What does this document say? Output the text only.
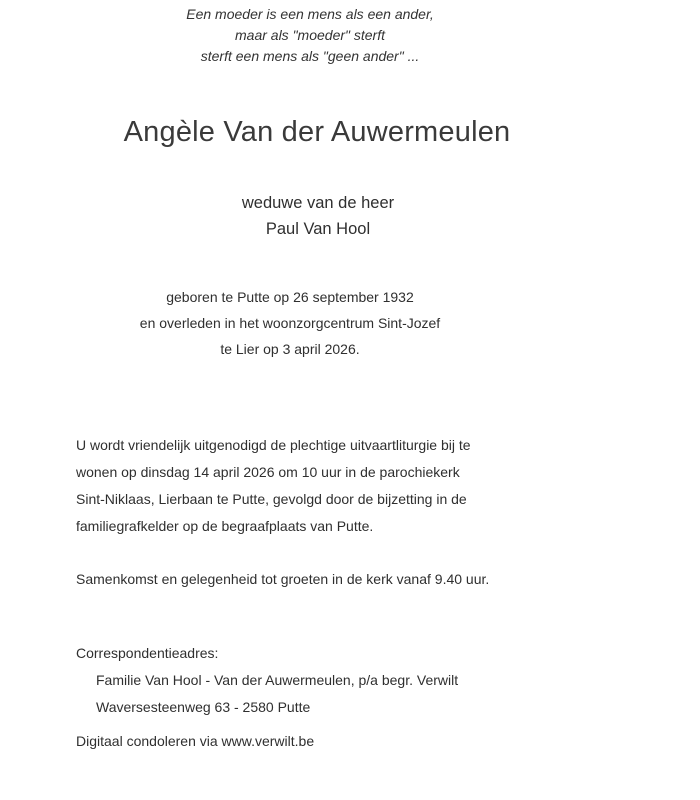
Een moeder is een mens als een ander,
maar als "moeder" sterft
sterft een mens als "geen ander" ...
Angèle Van der Auwermeulen
weduwe van de heer
Paul Van Hool
geboren te Putte op 26 september 1932
en overleden in het woonzorgcentrum Sint-Jozef
te Lier op 3 april 2026.
U wordt vriendelijk uitgenodigd de plechtige uitvaartliturgie bij te
wonen op dinsdag 14 april 2026 om 10 uur in de parochiekerk
Sint-Niklaas, Lierbaan te Putte, gevolgd door de bijzetting in de
familiegrafkelder op de begraafplaats van Putte.
Samenkomst en gelegenheid tot groeten in de kerk vanaf 9.40 uur.
Correspondentieadres:
Familie Van Hool - Van der Auwermeulen, p/a begr. Verwilt
Waversesteenweg 63 - 2580 Putte
Digitaal condoleren via www.verwilt.be
